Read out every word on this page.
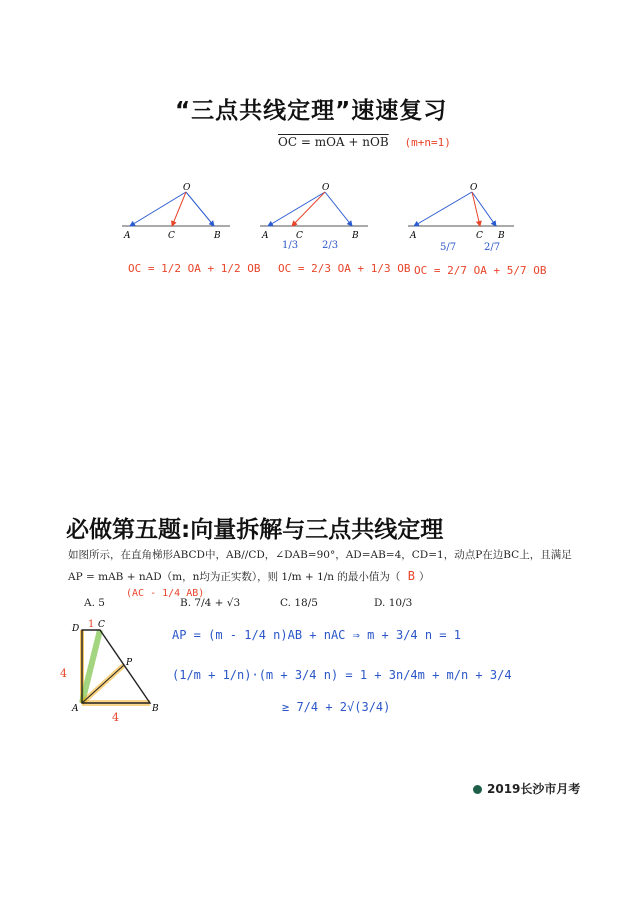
“三点共线定理”速速复习
OC = mOA + nOB (m+n=1)
O
A	C	B
O
A	C	B
1/3 2/3
O
A	C B
5/7	2/7
OC = 1/2 OA + 1/2 OB OC = 2/3 OA + 1/3 OB OC = 2/7 OA + 5/7 OB
必做第五题:向量拆解与三点共线定理
如图所示，在直角梯形ABCD中，AB//CD，∠DAB=90°，AD=AB=4，CD=1，动点P在边BC上，且满足
AP = mAB + nAD（m，n均为正实数），则 1/m + 1/n 的最小值为（ B ）
(AC - 1/4 AB)
A. 5	B. 7/4 + √3	C. 18/5	D. 10/3
D C
P
A	B
1
4
4
AP = (m - 1/4 n)AB + nAC ⇒ m + 3/4 n = 1
(1/m + 1/n)·(m + 3/4 n) = 1 + 3n/4m + m/n + 3/4
≥ 7/4 + 2√(3/4)
2019长沙市月考
